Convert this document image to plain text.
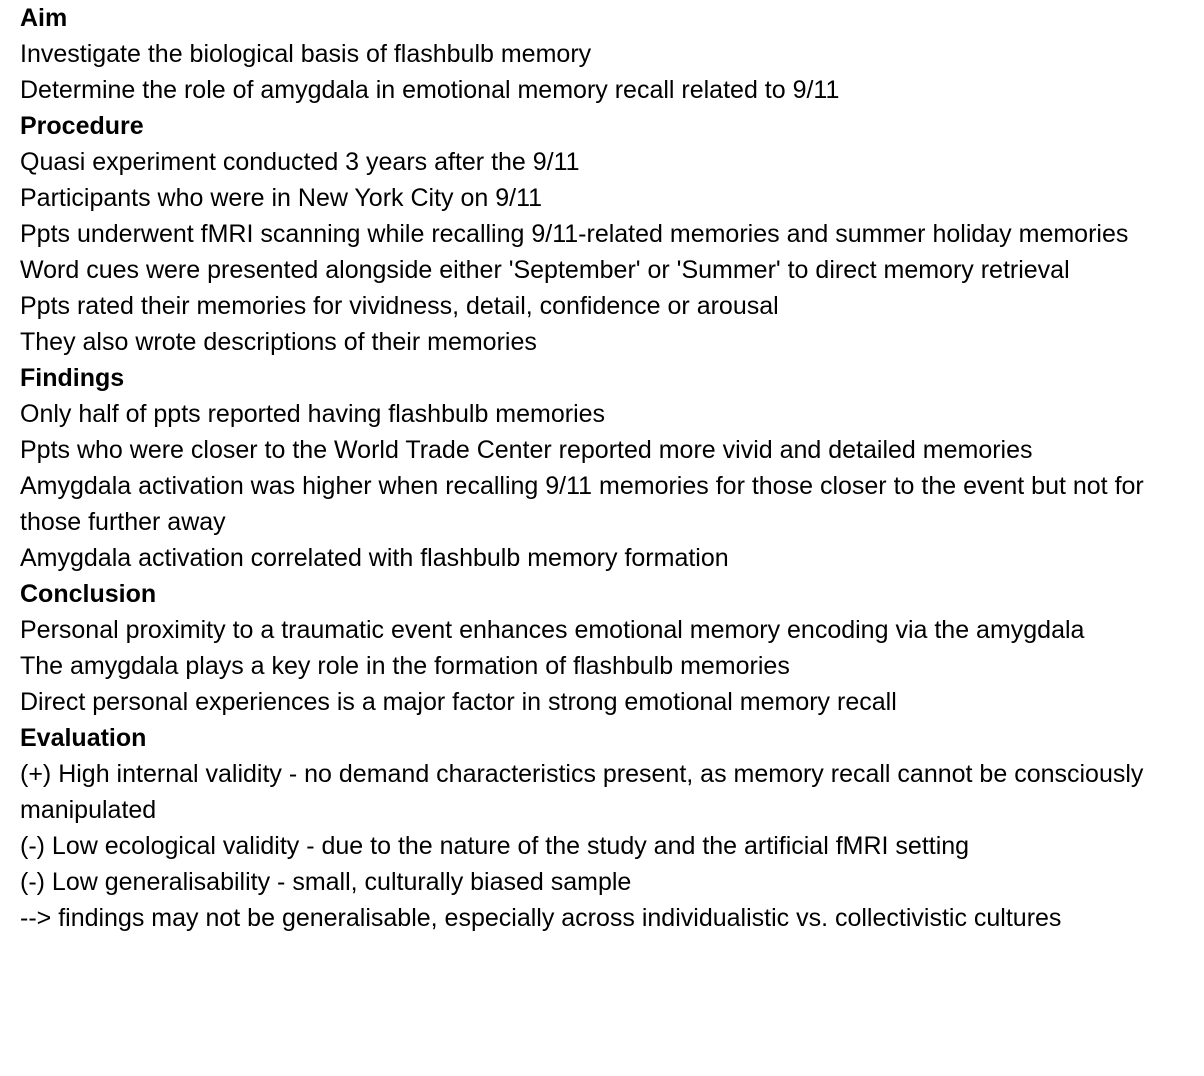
Aim
Investigate the biological basis of flashbulb memory
Determine the role of amygdala in emotional memory recall related to 9/11
Procedure
Quasi experiment conducted 3 years after the 9/11
Participants who were in New York City on 9/11
Ppts underwent fMRI scanning while recalling 9/11-related memories and summer holiday memories
Word cues were presented alongside either 'September' or 'Summer' to direct memory retrieval
Ppts rated their memories for vividness, detail, confidence or arousal
They also wrote descriptions of their memories
Findings
Only half of ppts reported having flashbulb memories
Ppts who were closer to the World Trade Center reported more vivid and detailed memories
Amygdala activation was higher when recalling 9/11 memories for those closer to the event but not for those further away
Amygdala activation correlated with flashbulb memory formation
Conclusion
Personal proximity to a traumatic event enhances emotional memory encoding via the amygdala
The amygdala plays a key role in the formation of flashbulb memories
Direct personal experiences is a major factor in strong emotional memory recall
Evaluation
(+) High internal validity - no demand characteristics present, as memory recall cannot be consciously manipulated
(-) Low ecological validity - due to the nature of the study and the artificial fMRI setting
(-) Low generalisability - small, culturally biased sample
--> findings may not be generalisable, especially across individualistic vs. collectivistic cultures
